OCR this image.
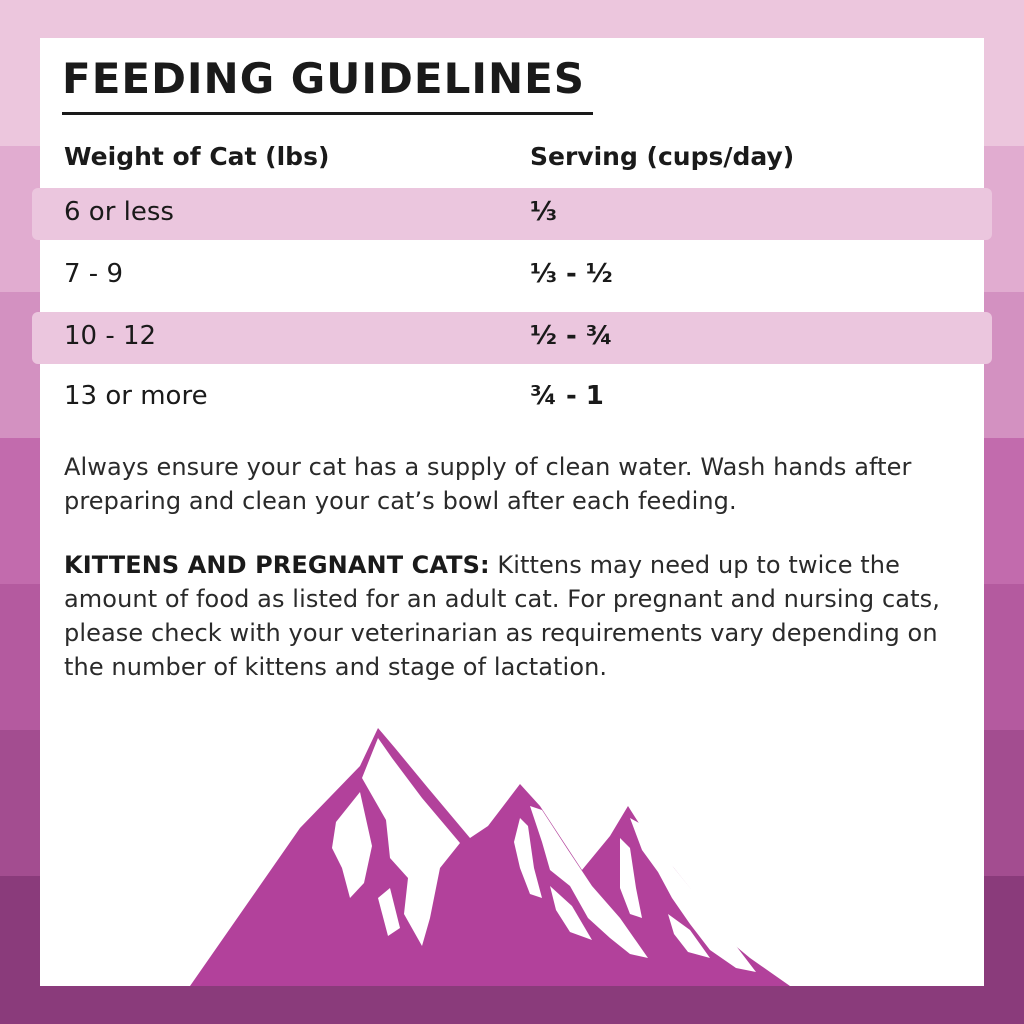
FEEDING GUIDELINES
Weight of Cat (lbs)	Serving (cups/day)
6 or less	⅓
7 - 9	⅓ - ½
10 - 12	½ - ¾
13 or more	¾ - 1

Always ensure your cat has a supply of clean water. Wash hands after preparing and clean your cat’s bowl after each feeding.

KITTENS AND PREGNANT CATS: Kittens may need up to twice the amount of food as listed for an adult cat. For pregnant and nursing cats, please check with your veterinarian as requirements vary depending on the number of kittens and stage of lactation.
